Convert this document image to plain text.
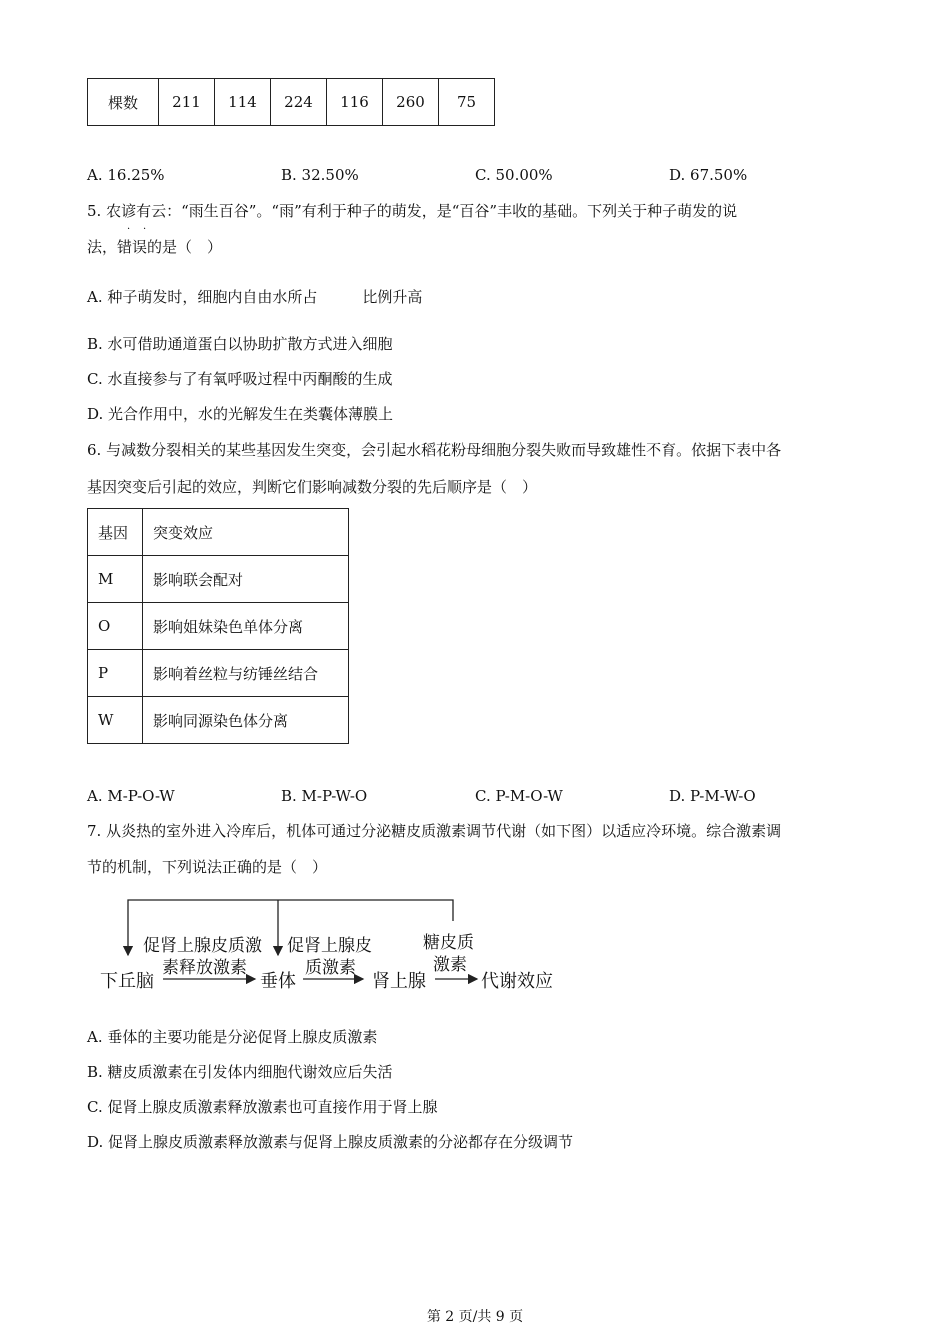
棵数	211	114	224	116	260	75
A. 16.25%	B. 32.50%	C. 50.00%	D. 67.50%
5. 农谚有云：“雨生百谷”。“雨”有利于种子的萌发，是“百谷”丰收的基础。下列关于种子萌发的说
· ·
法，错误的是（　）
A. 种子萌发时，细胞内自由水所占　　　比例升高
B. 水可借助通道蛋白以协助扩散方式进入细胞
C. 水直接参与了有氧呼吸过程中丙酮酸的生成
D. 光合作用中，水的光解发生在类囊体薄膜上
6. 与减数分裂相关的某些基因发生突变，会引起水稻花粉母细胞分裂失败而导致雄性不育。依据下表中各
基因突变后引起的效应，判断它们影响减数分裂的先后顺序是（　）
基因	突变效应
M	影响联会配对
O	影响姐妹染色单体分离
P	影响着丝粒与纺锤丝结合
W	影响同源染色体分离
A. M-P-O-W	B. M-P-W-O	C. P-M-O-W	D. P-M-W-O
7. 从炎热的室外进入冷库后，机体可通过分泌糖皮质激素调节代谢（如下图）以适应冷环境。综合激素调
节的机制，下列说法正确的是（　）
促肾上腺皮质激
素释放激素
促肾上腺皮
质激素
糖皮质
激素
下丘脑	垂体	肾上腺	代谢效应
A. 垂体的主要功能是分泌促肾上腺皮质激素
B. 糖皮质激素在引发体内细胞代谢效应后失活
C. 促肾上腺皮质激素释放激素也可直接作用于肾上腺
D. 促肾上腺皮质激素释放激素与促肾上腺皮质激素的分泌都存在分级调节
第 2 页/共 9 页
